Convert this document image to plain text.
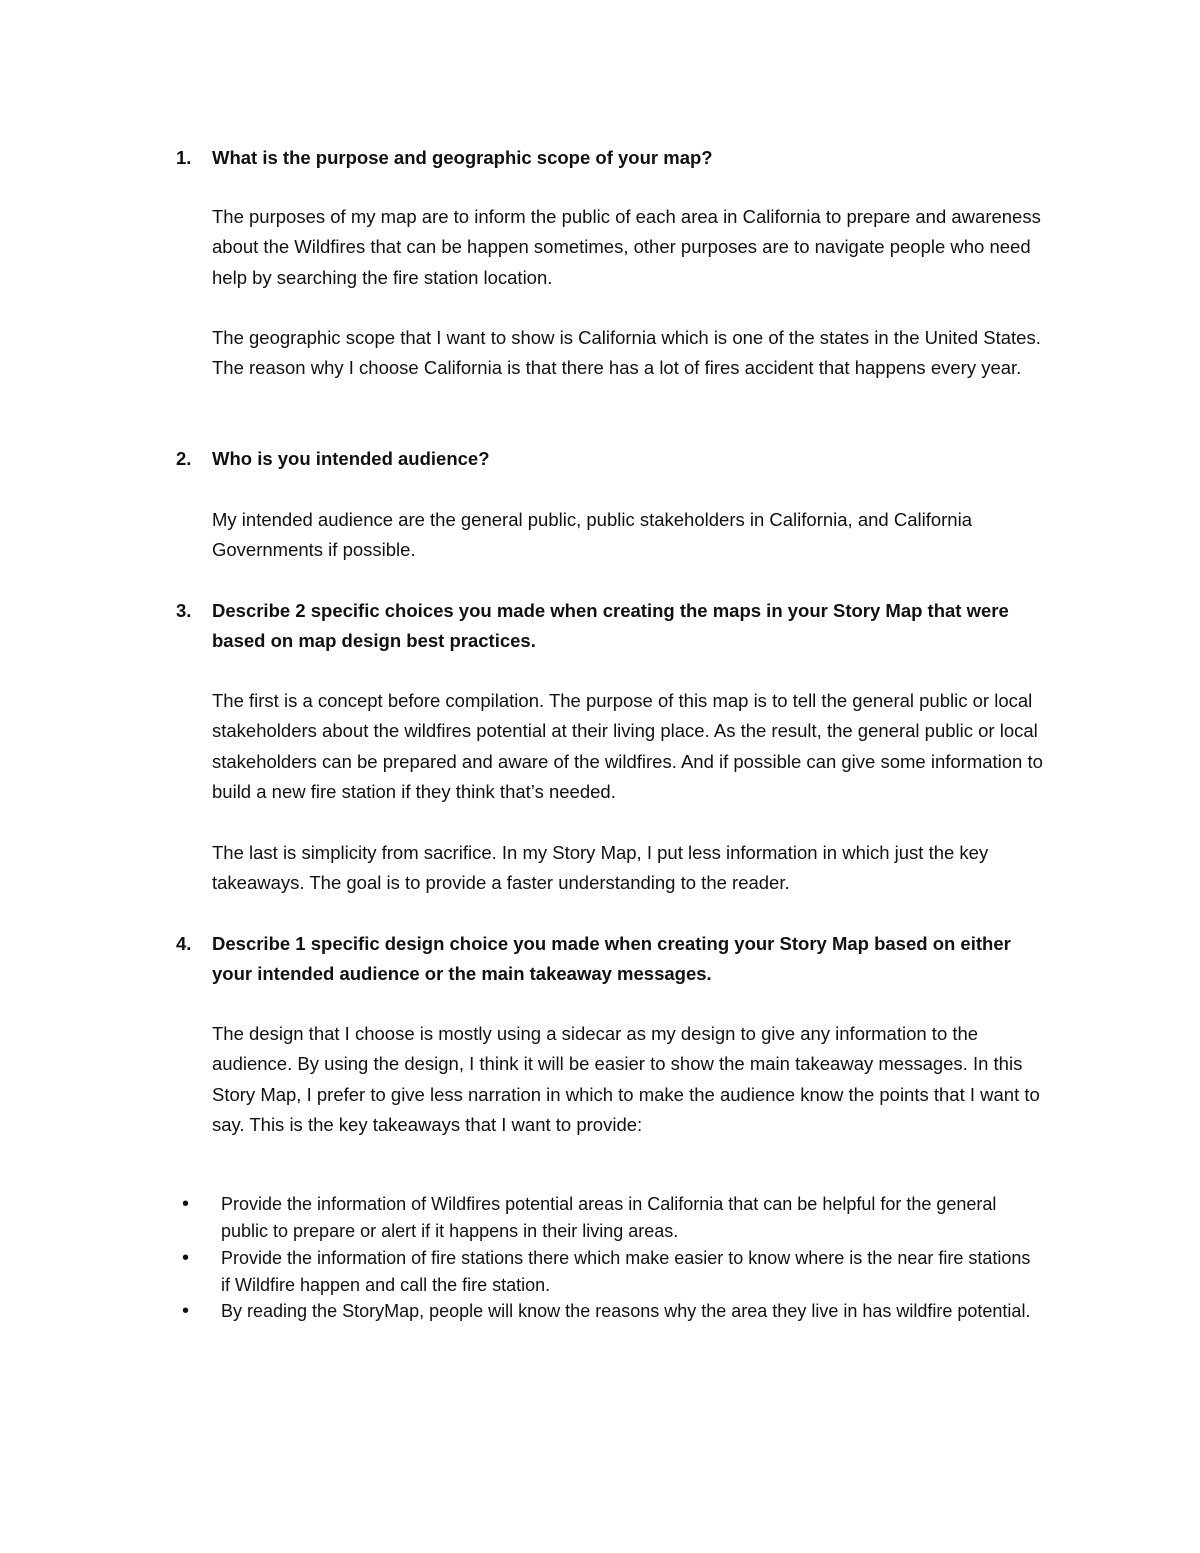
1.	What is the purpose and geographic scope of your map?

The purposes of my map are to inform the public of each area in California to prepare and awareness about the Wildfires that can be happen sometimes, other purposes are to navigate people who need help by searching the fire station location.

The geographic scope that I want to show is California which is one of the states in the United States. The reason why I choose California is that there has a lot of fires accident that happens every year.

2.	Who is you intended audience?

My intended audience are the general public, public stakeholders in California, and California Governments if possible.

3.	Describe 2 specific choices you made when creating the maps in your Story Map that were based on map design best practices.

The first is a concept before compilation. The purpose of this map is to tell the general public or local stakeholders about the wildfires potential at their living place. As the result, the general public or local stakeholders can be prepared and aware of the wildfires. And if possible can give some information to build a new fire station if they think that’s needed.

The last is simplicity from sacrifice. In my Story Map, I put less information in which just the key takeaways. The goal is to provide a faster understanding to the reader.

4.	Describe 1 specific design choice you made when creating your Story Map based on either your intended audience or the main takeaway messages.

The design that I choose is mostly using a sidecar as my design to give any information to the audience. By using the design, I think it will be easier to show the main takeaway messages. In this Story Map, I prefer to give less narration in which to make the audience know the points that I want to say. This is the key takeaways that I want to provide:

• Provide the information of Wildfires potential areas in California that can be helpful for the general public to prepare or alert if it happens in their living areas.

• Provide the information of fire stations there which make easier to know where is the near fire stations if Wildfire happen and call the fire station.

• By reading the StoryMap, people will know the reasons why the area they live in has wildfire potential.
